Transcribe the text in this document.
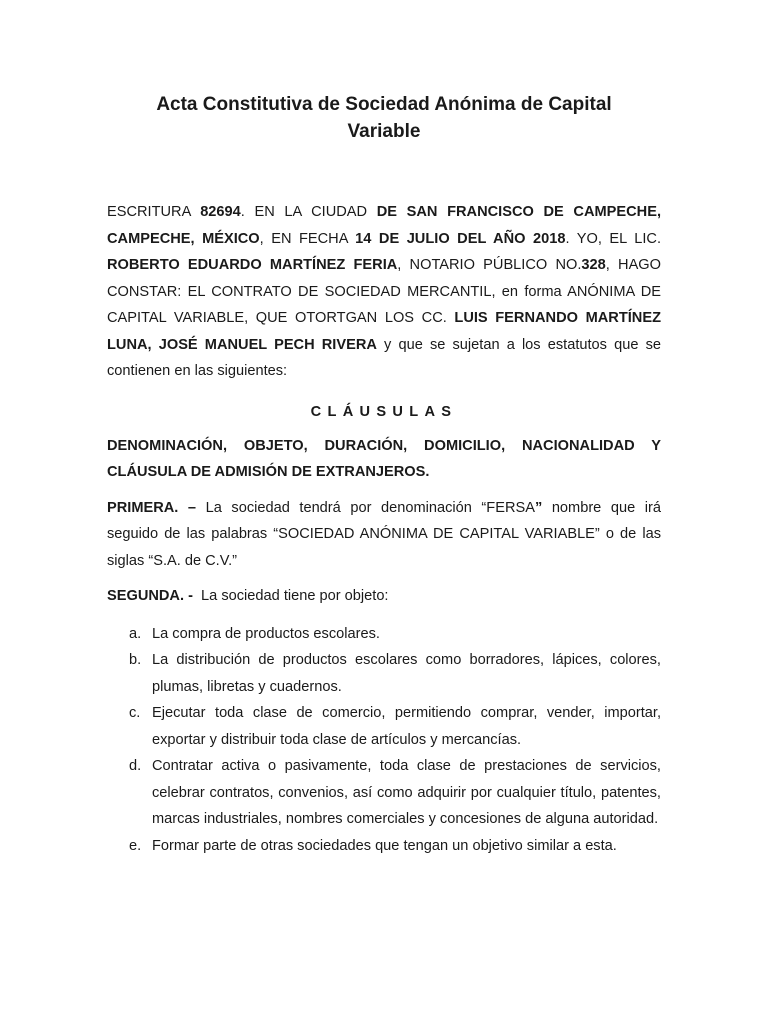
Acta Constitutiva de Sociedad Anónima de Capital Variable

ESCRITURA 82694. EN LA CIUDAD DE SAN FRANCISCO DE CAMPECHE, CAMPECHE, MÉXICO, EN FECHA 14 DE JULIO DEL AÑO 2018. YO, EL LIC. ROBERTO EDUARDO MARTÍNEZ FERIA, NOTARIO PÚBLICO NO.328, HAGO CONSTAR: EL CONTRATO DE SOCIEDAD MERCANTIL, en forma ANÓNIMA DE CAPITAL VARIABLE, QUE OTORTGAN LOS CC. LUIS FERNANDO MARTÍNEZ LUNA, JOSÉ MANUEL PECH RIVERA y que se sujetan a los estatutos que se contienen en las siguientes:

CLÁUSULAS

DENOMINACIÓN, OBJETO, DURACIÓN, DOMICILIO, NACIONALIDAD Y CLÁUSULA DE ADMISIÓN DE EXTRANJEROS.

PRIMERA. – La sociedad tendrá por denominación “FERSA” nombre que irá seguido de las palabras “SOCIEDAD ANÓNIMA DE CAPITAL VARIABLE” o de las siglas “S.A. de C.V.”

SEGUNDA. -  La sociedad tiene por objeto:

a. La compra de productos escolares.
b. La distribución de productos escolares como borradores, lápices, colores, plumas, libretas y cuadernos.
c. Ejecutar toda clase de comercio, permitiendo comprar, vender, importar, exportar y distribuir toda clase de artículos y mercancías.
d. Contratar activa o pasivamente, toda clase de prestaciones de servicios, celebrar contratos, convenios, así como adquirir por cualquier título, patentes, marcas industriales, nombres comerciales y concesiones de alguna autoridad.
e. Formar parte de otras sociedades que tengan un objetivo similar a esta.
